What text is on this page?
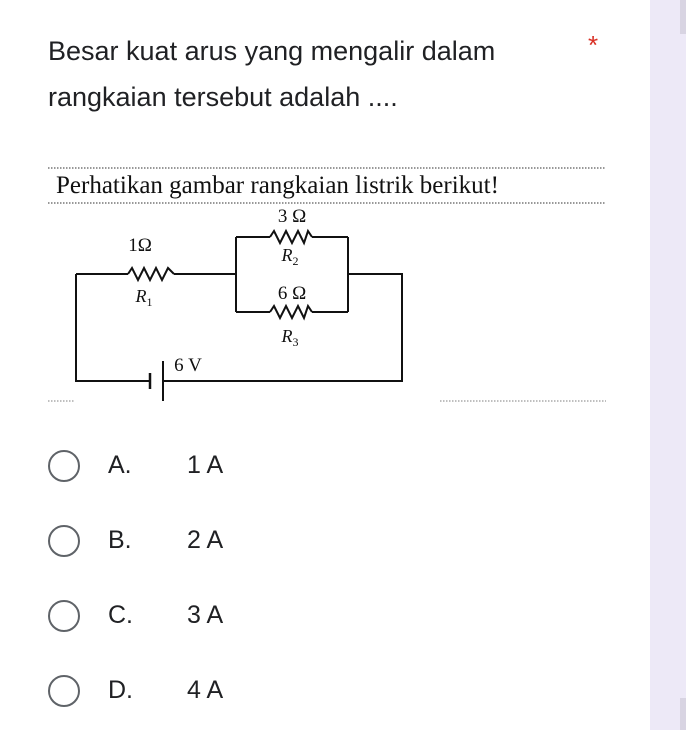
Besar kuat arus yang mengalir dalam rangkaian tersebut adalah ....

*
1Ω
$R_1$
3 Ω
$R_2$
6 Ω
$R_3$
6 V
Perhatikan gambar rangkaian listrik berikut!
A. 1 A
B. 2 A
C. 3 A
D. 4 A
